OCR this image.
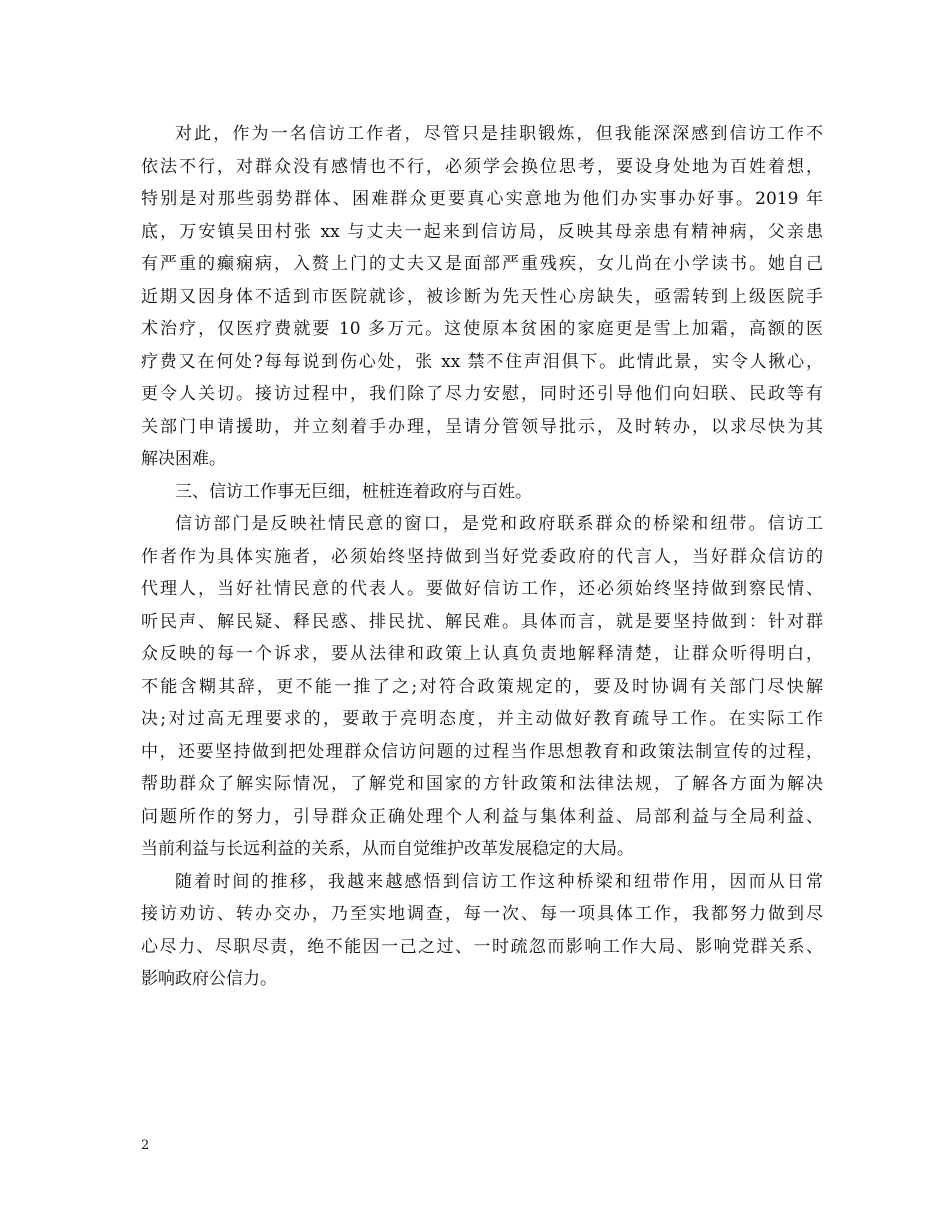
对此，作为一名信访工作者，尽管只是挂职锻炼，但我能深深感到信访工作不
依法不行，对群众没有感情也不行，必须学会换位思考，要设身处地为百姓着想，
特别是对那些弱势群体、困难群众更要真心实意地为他们办实事办好事。2019 年
底，万安镇吴田村张 xx 与丈夫一起来到信访局，反映其母亲患有精神病，父亲患
有严重的癫痫病，入赘上门的丈夫又是面部严重残疾，女儿尚在小学读书。她自己
近期又因身体不适到市医院就诊，被诊断为先天性心房缺失，亟需转到上级医院手
术治疗，仅医疗费就要 10 多万元。这使原本贫困的家庭更是雪上加霜，高额的医
疗费又在何处?每每说到伤心处，张 xx 禁不住声泪俱下。此情此景，实令人揪心，
更令人关切。接访过程中，我们除了尽力安慰，同时还引导他们向妇联、民政等有
关部门申请援助，并立刻着手办理，呈请分管领导批示，及时转办，以求尽快为其
解决困难。
三、信访工作事无巨细，桩桩连着政府与百姓。
信访部门是反映社情民意的窗口，是党和政府联系群众的桥梁和纽带。信访工
作者作为具体实施者，必须始终坚持做到当好党委政府的代言人，当好群众信访的
代理人，当好社情民意的代表人。要做好信访工作，还必须始终坚持做到察民情、
听民声、解民疑、释民惑、排民扰、解民难。具体而言，就是要坚持做到：针对群
众反映的每一个诉求，要从法律和政策上认真负责地解释清楚，让群众听得明白，
不能含糊其辞，更不能一推了之;对符合政策规定的，要及时协调有关部门尽快解
决;对过高无理要求的，要敢于亮明态度，并主动做好教育疏导工作。在实际工作
中，还要坚持做到把处理群众信访问题的过程当作思想教育和政策法制宣传的过程，
帮助群众了解实际情况，了解党和国家的方针政策和法律法规，了解各方面为解决
问题所作的努力，引导群众正确处理个人利益与集体利益、局部利益与全局利益、
当前利益与长远利益的关系，从而自觉维护改革发展稳定的大局。
随着时间的推移，我越来越感悟到信访工作这种桥梁和纽带作用，因而从日常
接访劝访、转办交办，乃至实地调查，每一次、每一项具体工作，我都努力做到尽
心尽力、尽职尽责，绝不能因一己之过、一时疏忽而影响工作大局、影响党群关系、
影响政府公信力。
2
